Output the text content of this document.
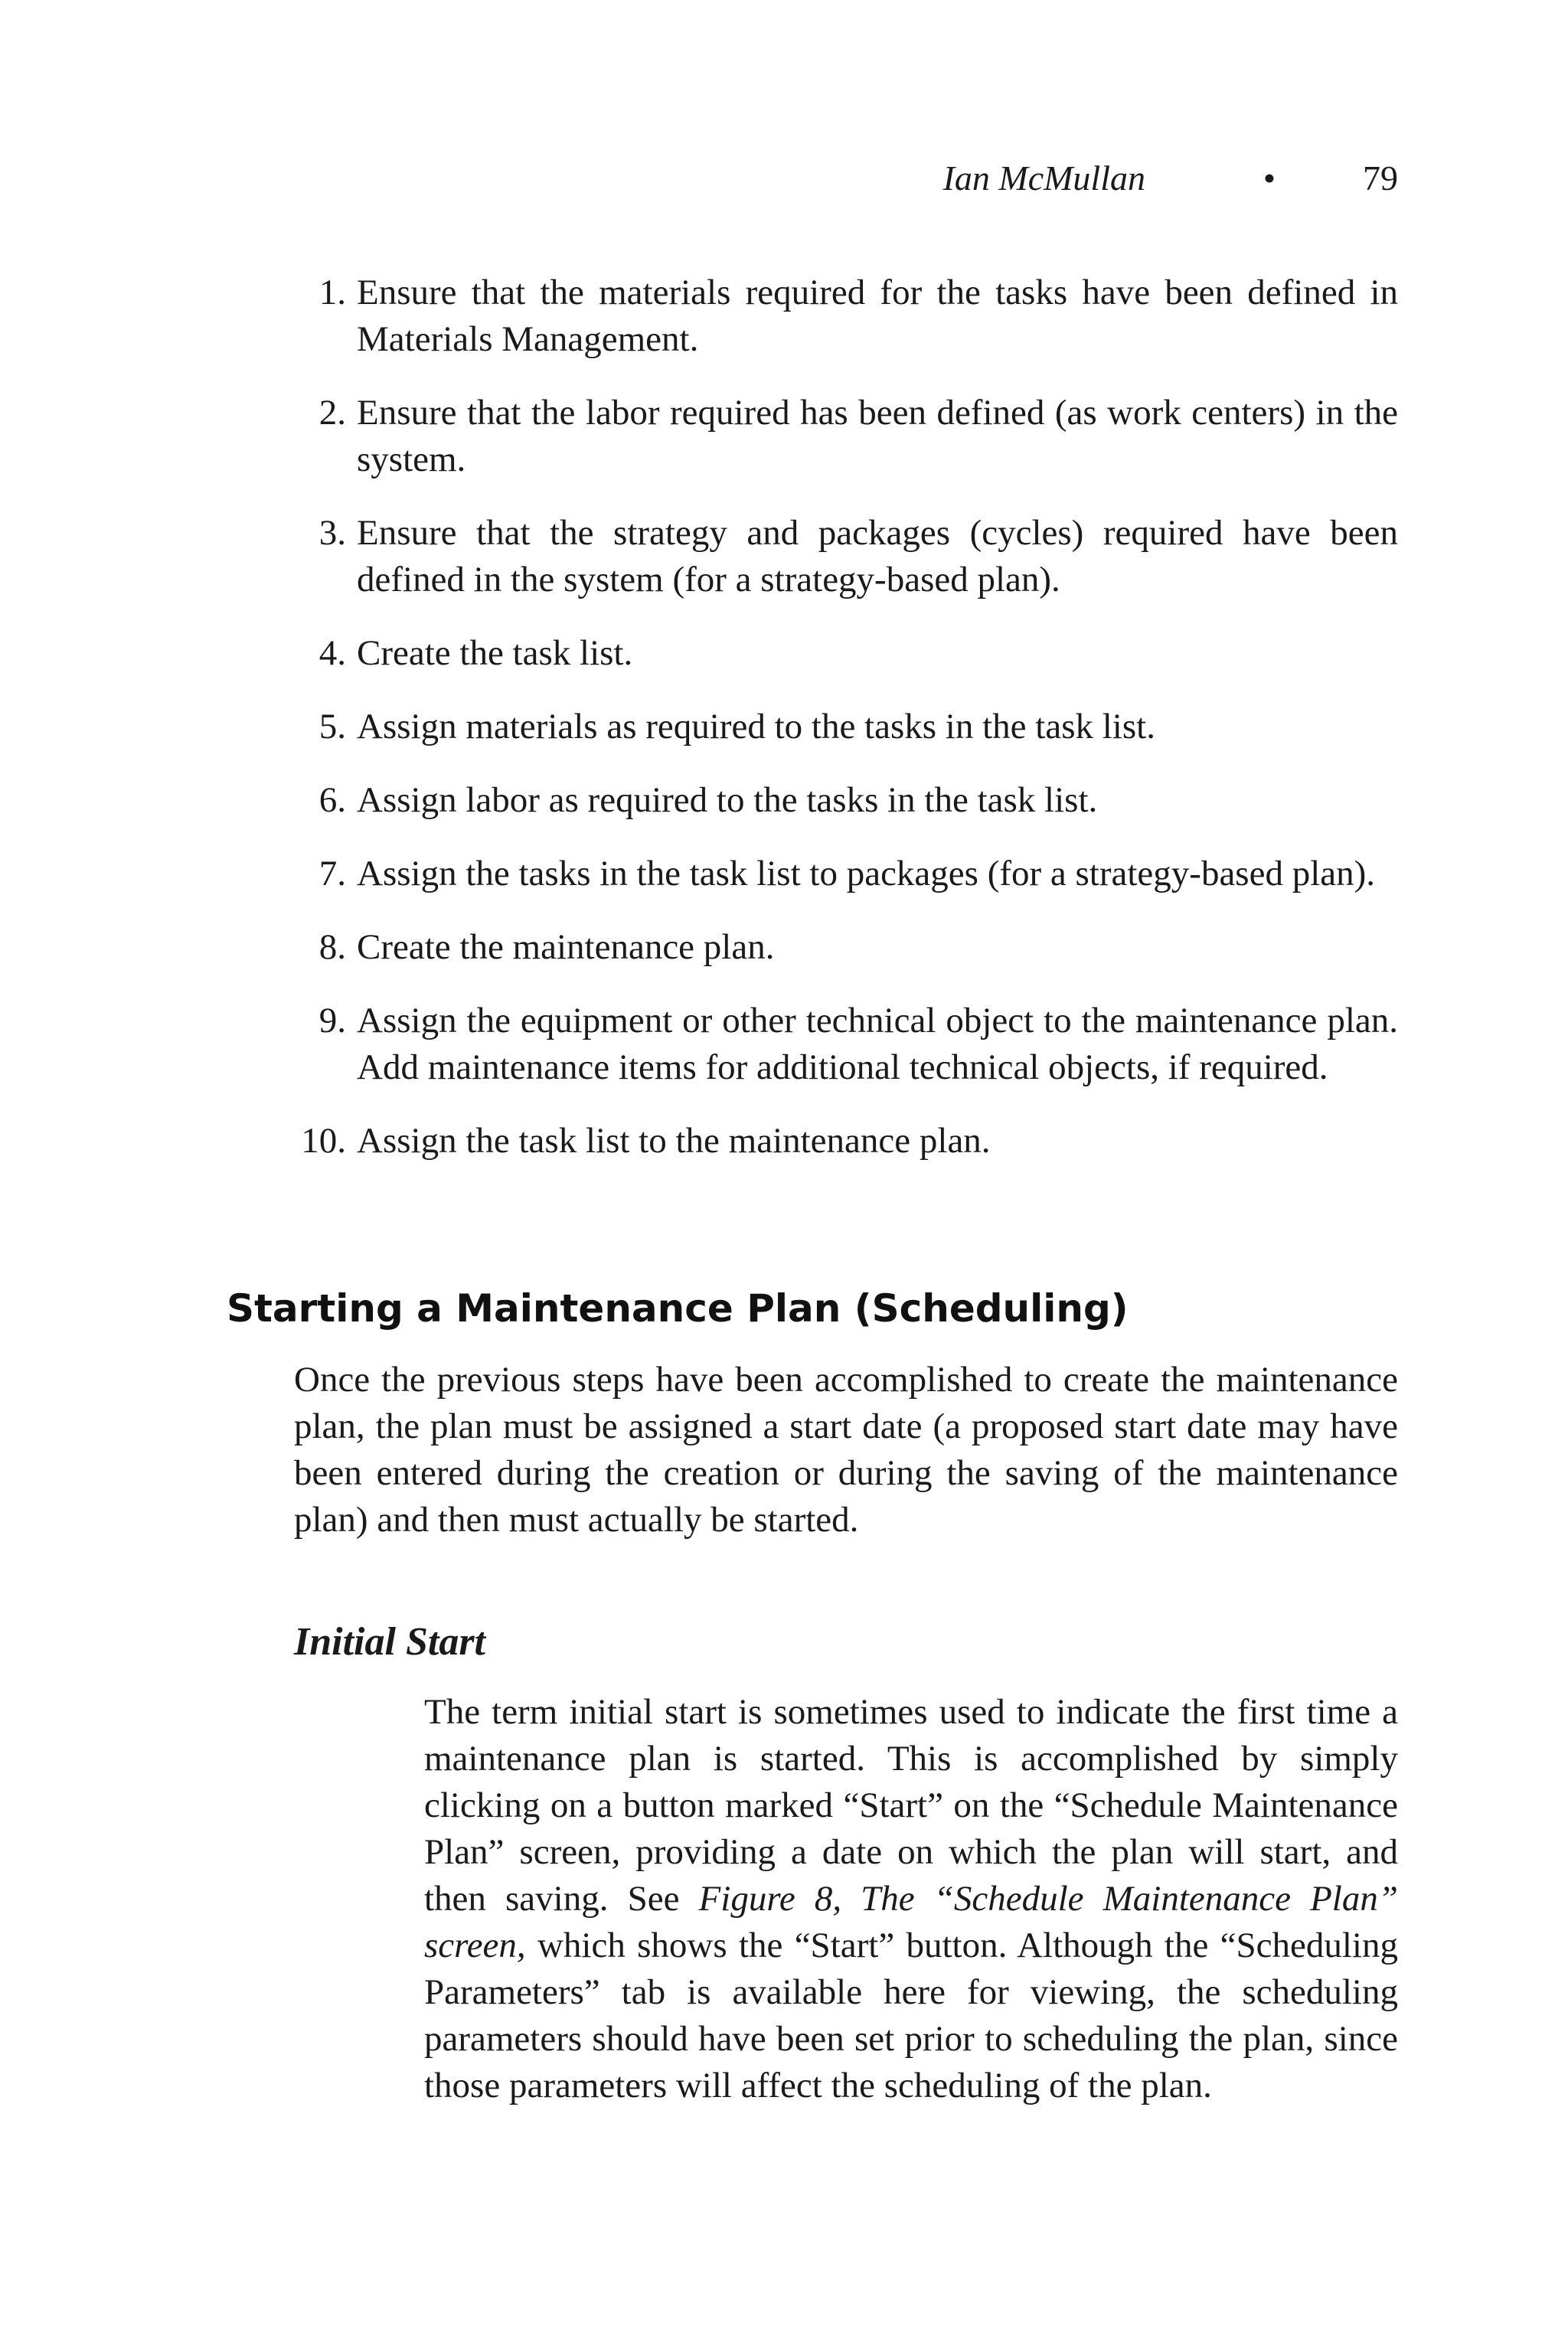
Ian McMullan	• 79
1. Ensure that the materials required for the tasks have been defined in Materials Management.
2. Ensure that the labor required has been defined (as work centers) in the system.
3. Ensure that the strategy and packages (cycles) required have been defined in the system (for a strategy-based plan).
4. Create the task list.
5. Assign materials as required to the tasks in the task list.
6. Assign labor as required to the tasks in the task list.
7. Assign the tasks in the task list to packages (for a strategy-based plan).
8. Create the maintenance plan.
9. Assign the equipment or other technical object to the maintenance plan. Add maintenance items for additional technical objects, if required.
10. Assign the task list to the maintenance plan.
Starting a Maintenance Plan (Scheduling)

Once the previous steps have been accomplished to create the maintenance plan, the plan must be assigned a start date (a proposed start date may have been entered during the creation or during the saving of the maintenance plan) and then must actually be started.

Initial Start

The term initial start is sometimes used to indicate the first time a maintenance plan is started. This is accomplished by simply clicking on a button marked “Start” on the “Schedule Maintenance Plan” screen, providing a date on which the plan will start, and then saving. See Figure 8, The “Schedule Maintenance Plan” screen, which shows the “Start” button. Although the “Scheduling Parameters” tab is available here for viewing, the scheduling parameters should have been set prior to scheduling the plan, since those parameters will affect the scheduling of the plan.
